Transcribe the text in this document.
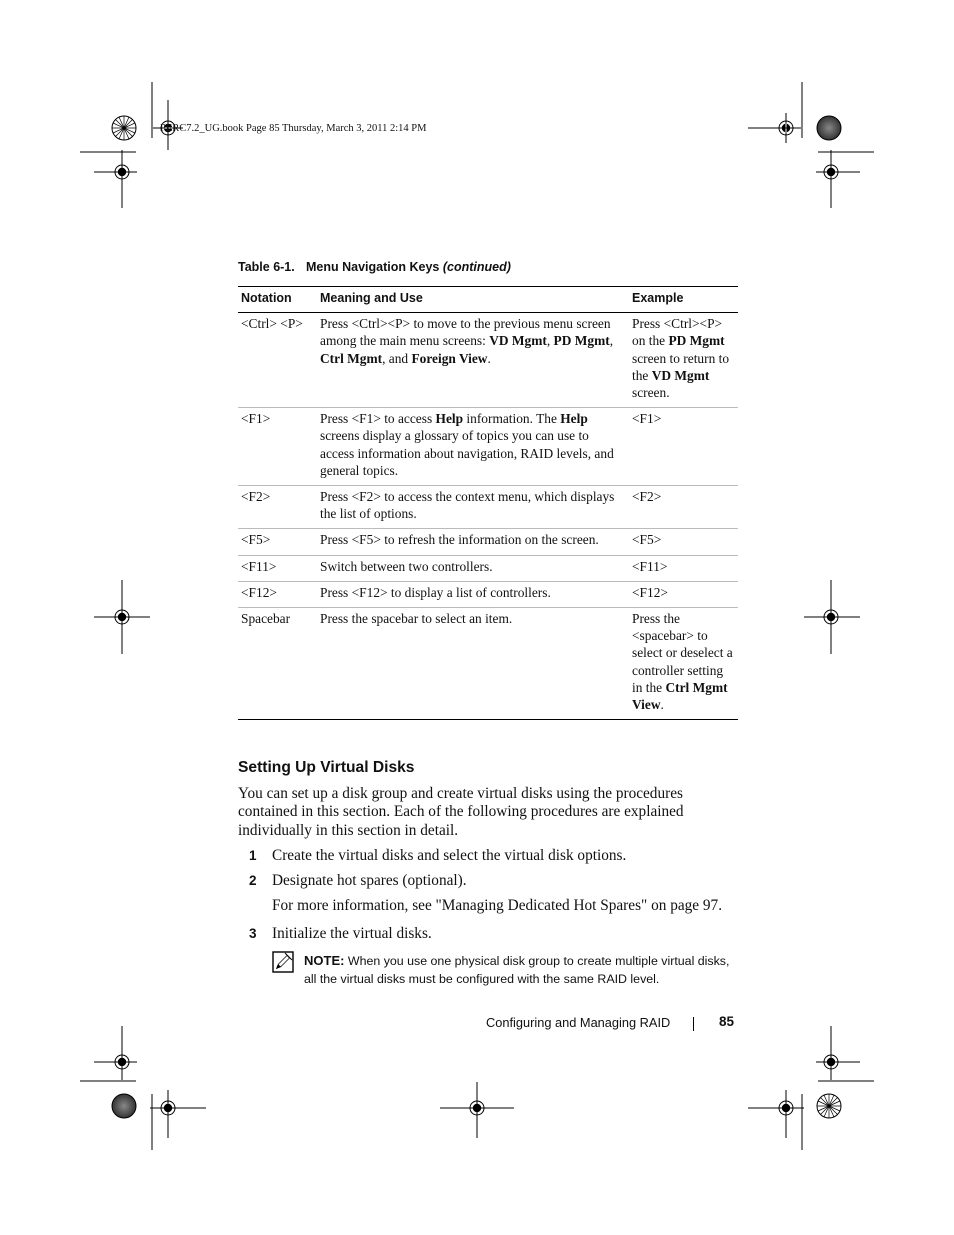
PERC7.2_UG.book Page 85 Thursday, March 3, 2011 2:14 PM
Table 6-1. Menu Navigation Keys (continued)
Notation	Meaning and Use	Example
<Ctrl> <P>	Press <Ctrl><P> to move to the previous menu screen among the main menu screens: VD Mgmt, PD Mgmt, Ctrl Mgmt, and Foreign View.	Press <Ctrl><P> on the PD Mgmt screen to return to the VD Mgmt screen.
<F1>	Press <F1> to access Help information. The Help screens display a glossary of topics you can use to access information about navigation, RAID levels, and general topics.	<F1>
<F2>	Press <F2> to access the context menu, which displays the list of options.	<F2>
<F5>	Press <F5> to refresh the information on the screen.	<F5>
<F11>	Switch between two controllers.	<F11>
<F12>	Press <F12> to display a list of controllers.	<F12>
Spacebar	Press the spacebar to select an item.	Press the <spacebar> to select or deselect a controller setting in the Ctrl Mgmt View.
Setting Up Virtual Disks
You can set up a disk group and create virtual disks using the procedures contained in this section. Each of the following procedures are explained individually in this section in detail.
1 Create the virtual disks and select the virtual disk options.
2 Designate hot spares (optional).
For more information, see "Managing Dedicated Hot Spares" on page 97.
3 Initialize the virtual disks.
NOTE: When you use one physical disk group to create multiple virtual disks, all the virtual disks must be configured with the same RAID level.
Configuring and Managing RAID	85
